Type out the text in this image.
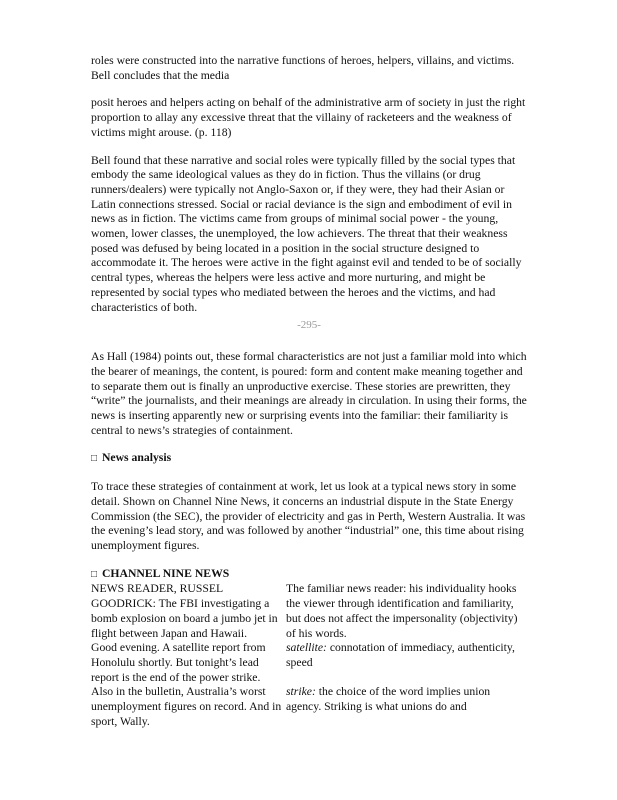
roles were constructed into the narrative functions of heroes, helpers, villains, and victims. Bell concludes that the media

posit heroes and helpers acting on behalf of the administrative arm of society in just the right proportion to allay any excessive threat that the villainy of racketeers and the weakness of victims might arouse. (p. 118)

Bell found that these narrative and social roles were typically filled by the social types that embody the same ideological values as they do in fiction. Thus the villains (or drug runners/dealers) were typically not Anglo-Saxon or, if they were, they had their Asian or Latin connections stressed. Social or racial deviance is the sign and embodiment of evil in news as in fiction. The victims came from groups of minimal social power - the young, women, lower classes, the unemployed, the low achievers. The threat that their weakness posed was defused by being located in a position in the social structure designed to accommodate it. The heroes were active in the fight against evil and tended to be of socially central types, whereas the helpers were less active and more nurturing, and might be represented by social types who mediated between the heroes and the victims, and had characteristics of both.

-295-

As Hall (1984) points out, these formal characteristics are not just a familiar mold into which the bearer of meanings, the content, is poured: form and content make meaning together and to separate them out is finally an unproductive exercise. These stories are prewritten, they “write” the journalists, and their meanings are already in circulation. In using their forms, the news is inserting apparently new or surprising events into the familiar: their familiarity is central to news’s strategies of containment.

□ News analysis

To trace these strategies of containment at work, let us look at a typical news story in some detail. Shown on Channel Nine News, it concerns an industrial dispute in the State Energy Commission (the SEC), the provider of electricity and gas in Perth, Western Australia. It was the evening’s lead story, and was followed by another “industrial” one, this time about rising unemployment figures.

□ CHANNEL NINE NEWS
NEWS READER, RUSSEL GOODRICK: The FBI investigating a bomb explosion on board a jumbo jet in flight between Japan and Hawaii.
The familiar news reader: his individuality hooks the viewer through identification and familiarity, but does not affect the impersonality (objectivity) of his words.
Good evening. A satellite report from Honolulu shortly. But tonight’s lead report is the end of the power strike.
satellite: connotation of immediacy, authenticity, speed
Also in the bulletin, Australia’s worst unemployment figures on record. And in sport, Wally.
strike: the choice of the word implies union agency. Striking is what unions do and
